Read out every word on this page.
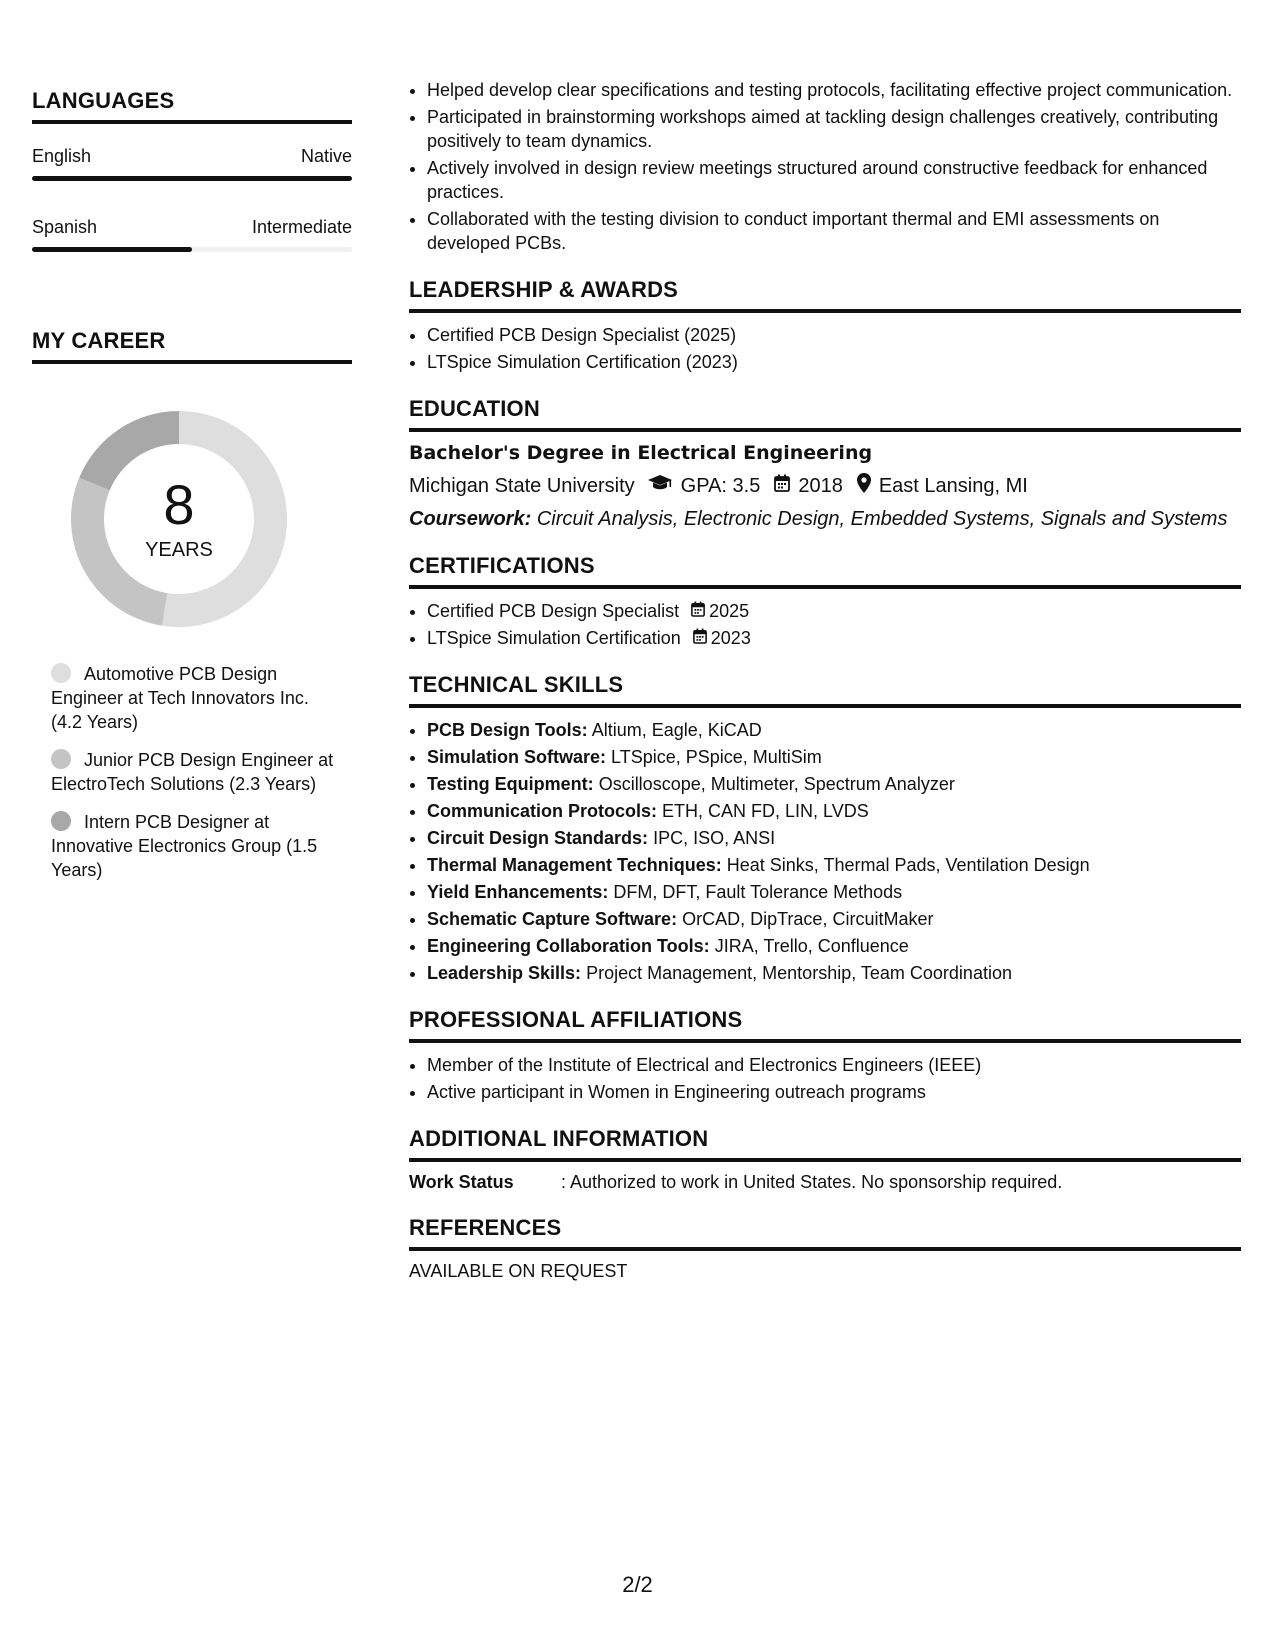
LANGUAGES
English	Native
Spanish	Intermediate
MY CAREER
8
YEARS
Automotive PCB Design Engineer at Tech Innovators Inc. (4.2 Years)
Junior PCB Design Engineer at ElectroTech Solutions (2.3 Years)
Intern PCB Designer at Innovative Electronics Group (1.5 Years)
• Helped develop clear specifications and testing protocols, facilitating effective project communication.
• Participated in brainstorming workshops aimed at tackling design challenges creatively, contributing positively to team dynamics.
• Actively involved in design review meetings structured around constructive feedback for enhanced practices.
• Collaborated with the testing division to conduct important thermal and EMI assessments on developed PCBs.
LEADERSHIP & AWARDS
• Certified PCB Design Specialist (2025)
• LTSpice Simulation Certification (2023)
EDUCATION
Bachelor's Degree in Electrical Engineering
Michigan State University GPA: 3.5 2018 East Lansing, MI
Coursework: Circuit Analysis, Electronic Design, Embedded Systems, Signals and Systems
CERTIFICATIONS
• Certified PCB Design Specialist 2025
• LTSpice Simulation Certification 2023
TECHNICAL SKILLS
• PCB Design Tools: Altium, Eagle, KiCAD
• Simulation Software: LTSpice, PSpice, MultiSim
• Testing Equipment: Oscilloscope, Multimeter, Spectrum Analyzer
• Communication Protocols: ETH, CAN FD, LIN, LVDS
• Circuit Design Standards: IPC, ISO, ANSI
• Thermal Management Techniques: Heat Sinks, Thermal Pads, Ventilation Design
• Yield Enhancements: DFM, DFT, Fault Tolerance Methods
• Schematic Capture Software: OrCAD, DipTrace, CircuitMaker
• Engineering Collaboration Tools: JIRA, Trello, Confluence
• Leadership Skills: Project Management, Mentorship, Team Coordination
PROFESSIONAL AFFILIATIONS
• Member of the Institute of Electrical and Electronics Engineers (IEEE)
• Active participant in Women in Engineering outreach programs
ADDITIONAL INFORMATION
Work Status	: Authorized to work in United States. No sponsorship required.
REFERENCES
AVAILABLE ON REQUEST
2/2
